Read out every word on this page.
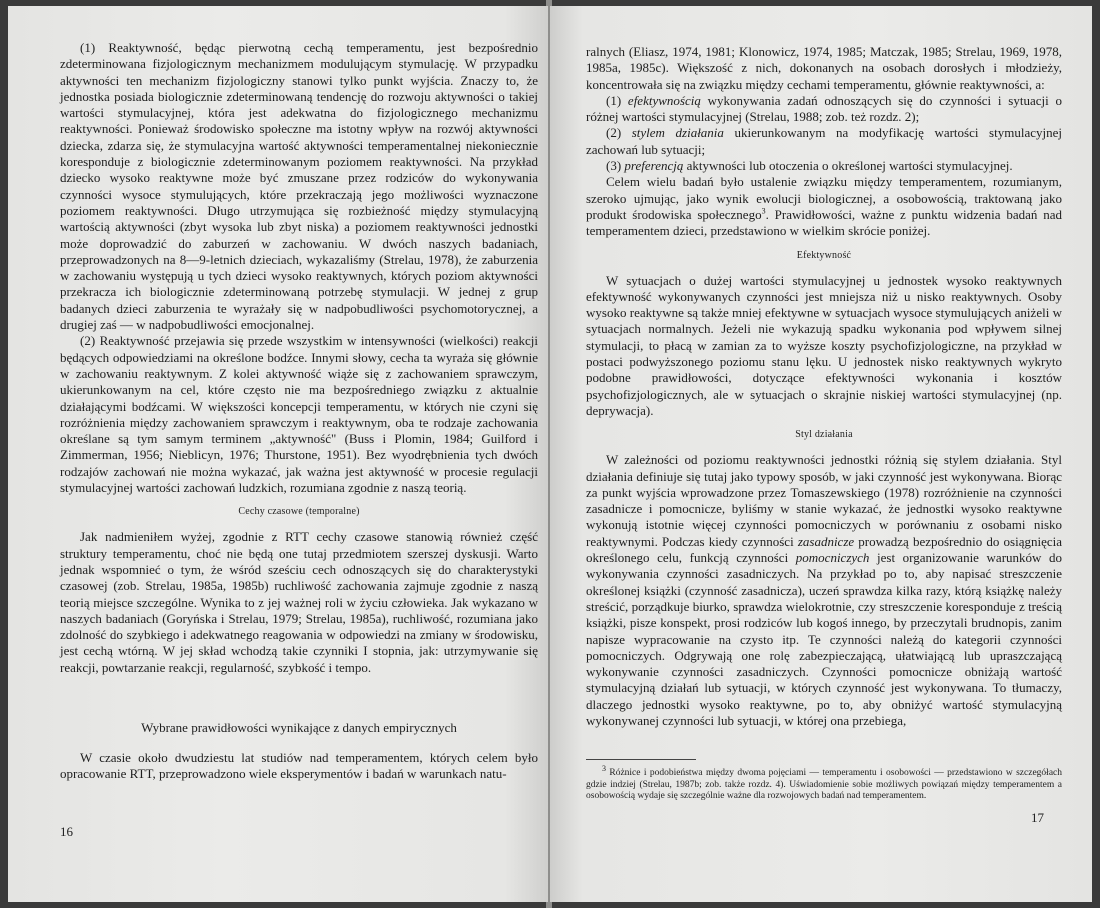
(1) Reaktywność, będąc pierwotną cechą temperamentu, jest bezpośrednio zdeterminowana fizjologicznym mechanizmem modulującym stymulację. W przypadku aktywności ten mechanizm fizjologiczny stanowi tylko punkt wyjścia. Znaczy to, że jednostka posiada biologicznie zdeterminowaną tendencję do rozwoju aktywności o takiej wartości stymulacyjnej, która jest adekwatna do fizjologicznego mechanizmu reaktywności. Ponieważ środowisko społeczne ma istotny wpływ na rozwój aktywności dziecka, zdarza się, że stymulacyjna wartość aktywności temperamentalnej niekoniecznie koresponduje z biologicznie zdeterminowanym poziomem reaktywności. Na przykład dziecko wysoko reaktywne może być zmuszane przez rodziców do wykonywania czynności wysoce stymulujących, które przekraczają jego możliwości wyznaczone poziomem reaktywności. Długo utrzymująca się rozbieżność między stymulacyjną wartością aktywności (zbyt wysoka lub zbyt niska) a poziomem reaktywności jednostki może doprowadzić do zaburzeń w zachowaniu. W dwóch naszych badaniach, przeprowadzonych na 8—9-letnich dzieciach, wykazaliśmy (Strelau, 1978), że zaburzenia w zachowaniu występują u tych dzieci wysoko reaktywnych, których poziom aktywności przekracza ich biologicznie zdeterminowaną potrzebę stymulacji. W jednej z grup badanych dzieci zaburzenia te wyrażały się w nadpobudliwości psychomotorycznej, a drugiej zaś — w nadpobudliwości emocjonalnej.

(2) Reaktywność przejawia się przede wszystkim w intensywności (wielkości) reakcji będących odpowiedziami na określone bodźce. Innymi słowy, cecha ta wyraża się głównie w zachowaniu reaktywnym. Z kolei aktywność wiąże się z zachowaniem sprawczym, ukierunkowanym na cel, które często nie ma bezpośredniego związku z aktualnie działającymi bodźcami. W większości koncepcji temperamentu, w których nie czyni się rozróżnienia między zachowaniem sprawczym i reaktywnym, oba te rodzaje zachowania określane są tym samym terminem „aktywność" (Buss i Plomin, 1984; Guilford i Zimmerman, 1956; Nieblicyn, 1976; Thurstone, 1951). Bez wyodrębnienia tych dwóch rodzajów zachowań nie można wykazać, jak ważna jest aktywność w procesie regulacji stymulacyjnej wartości zachowań ludzkich, rozumiana zgodnie z naszą teorią.

Cechy czasowe (temporalne)

Jak nadmieniłem wyżej, zgodnie z RTT cechy czasowe stanowią również część struktury temperamentu, choć nie będą one tutaj przedmiotem szerszej dyskusji. Warto jednak wspomnieć o tym, że wśród sześciu cech odnoszących się do charakterystyki czasowej (zob. Strelau, 1985a, 1985b) ruchliwość zachowania zajmuje zgodnie z naszą teorią miejsce szczególne. Wynika to z jej ważnej roli w życiu człowieka. Jak wykazano w naszych badaniach (Goryńska i Strelau, 1979; Strelau, 1985a), ruchliwość, rozumiana jako zdolność do szybkiego i adekwatnego reagowania w odpowiedzi na zmiany w środowisku, jest cechą wtórną. W jej skład wchodzą takie czynniki I stopnia, jak: utrzymywanie się reakcji, powtarzanie reakcji, regularność, szybkość i tempo.

Wybrane prawidłowości wynikające z danych empirycznych

W czasie około dwudziestu lat studiów nad temperamentem, których celem było opracowanie RTT, przeprowadzono wiele eksperymentów i badań w warunkach natu-

16

ralnych (Eliasz, 1974, 1981; Klonowicz, 1974, 1985; Matczak, 1985; Strelau, 1969, 1978, 1985a, 1985c). Większość z nich, dokonanych na osobach dorosłych i młodzieży, koncentrowała się na związku między cechami temperamentu, głównie reaktywności, a:

(1) efektywnością wykonywania zadań odnoszących się do czynności i sytuacji o różnej wartości stymulacyjnej (Strelau, 1988; zob. też rozdz. 2);

(2) stylem działania ukierunkowanym na modyfikację wartości stymulacyjnej zachowań lub sytuacji;

(3) preferencją aktywności lub otoczenia o określonej wartości stymulacyjnej.

Celem wielu badań było ustalenie związku między temperamentem, rozumianym, szeroko ujmując, jako wynik ewolucji biologicznej, a osobowością, traktowaną jako produkt środowiska społecznego$^3$. Prawidłowości, ważne z punktu widzenia badań nad temperamentem dzieci, przedstawiono w wielkim skrócie poniżej.

Efektywność

W sytuacjach o dużej wartości stymulacyjnej u jednostek wysoko reaktywnych efektywność wykonywanych czynności jest mniejsza niż u nisko reaktywnych. Osoby wysoko reaktywne są także mniej efektywne w sytuacjach wysoce stymulujących aniżeli w sytuacjach normalnych. Jeżeli nie wykazują spadku wykonania pod wpływem silnej stymulacji, to płacą w zamian za to wyższe koszty psychofizjologiczne, na przykład w postaci podwyższonego poziomu stanu lęku. U jednostek nisko reaktywnych wykryto podobne prawidłowości, dotyczące efektywności wykonania i kosztów psychofizjologicznych, ale w sytuacjach o skrajnie niskiej wartości stymulacyjnej (np. deprywacja).

Styl działania

W zależności od poziomu reaktywności jednostki różnią się stylem działania. Styl działania definiuje się tutaj jako typowy sposób, w jaki czynność jest wykonywana. Biorąc za punkt wyjścia wprowadzone przez Tomaszewskiego (1978) rozróżnienie na czynności zasadnicze i pomocnicze, byliśmy w stanie wykazać, że jednostki wysoko reaktywne wykonują istotnie więcej czynności pomocniczych w porównaniu z osobami nisko reaktywnymi. Podczas kiedy czynności zasadnicze prowadzą bezpośrednio do osiągnięcia określonego celu, funkcją czynności pomocniczych jest organizowanie warunków do wykonywania czynności zasadniczych. Na przykład po to, aby napisać streszczenie określonej książki (czynność zasadnicza), uczeń sprawdza kilka razy, którą książkę należy streścić, porządkuje biurko, sprawdza wielokrotnie, czy streszczenie koresponduje z treścią książki, pisze konspekt, prosi rodziców lub kogoś innego, by przeczytali brudnopis, zanim napisze wypracowanie na czysto itp. Te czynności należą do kategorii czynności pomocniczych. Odgrywają one rolę zabezpieczającą, ułatwiającą lub upraszczającą wykonywanie czynności zasadniczych. Czynności pomocnicze obniżają wartość stymulacyjną działań lub sytuacji, w których czynność jest wykonywana. To tłumaczy, dlaczego jednostki wysoko reaktywne, po to, aby obniżyć wartość stymulacyjną wykonywanej czynności lub sytuacji, w której ona przebiega,

$^3$ Różnice i podobieństwa między dwoma pojęciami — temperamentu i osobowości — przedstawiono w szczegółach gdzie indziej (Strelau, 1987b; zob. także rozdz. 4). Uświadomienie sobie możliwych powiązań między temperamentem a osobowością wydaje się szczególnie ważne dla rozwojowych badań nad temperamentem.

17
